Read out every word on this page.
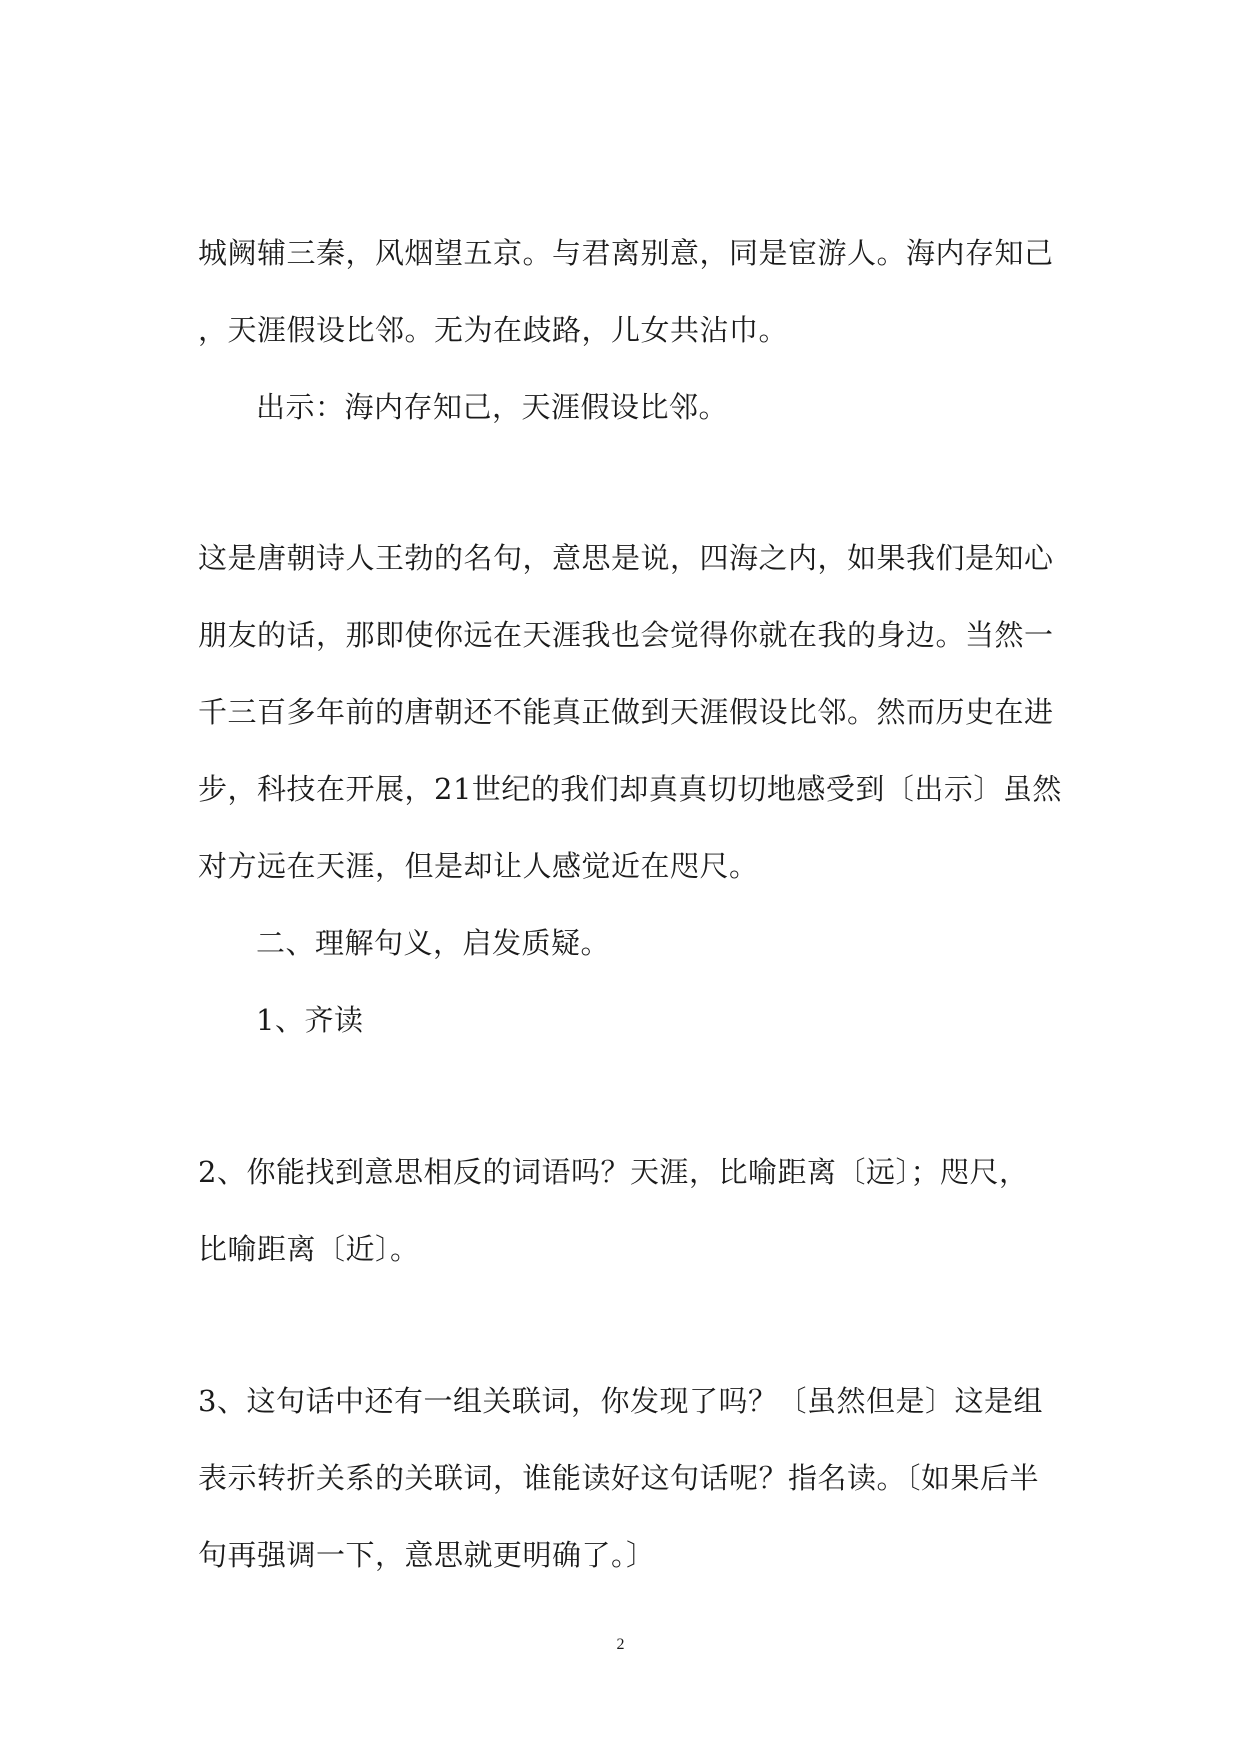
城阙辅三秦，风烟望五京。与君离别意，同是宦游人。海内存知己
，天涯假设比邻。无为在歧路，儿女共沾巾。
出示：海内存知己，天涯假设比邻。
这是唐朝诗人王勃的名句，意思是说，四海之内，如果我们是知心
朋友的话，那即使你远在天涯我也会觉得你就在我的身边。当然一
千三百多年前的唐朝还不能真正做到天涯假设比邻。然而历史在进
步，科技在开展，21世纪的我们却真真切切地感受到〔出示〕虽然
对方远在天涯，但是却让人感觉近在咫尺。
二、理解句义，启发质疑。
1、齐读
2、你能找到意思相反的词语吗？天涯，比喻距离〔远〕；咫尺，
比喻距离〔近〕。
3、这句话中还有一组关联词，你发现了吗？〔虽然但是〕这是组
表示转折关系的关联词，谁能读好这句话呢？指名读。〔如果后半
句再强调一下，意思就更明确了。〕
2
